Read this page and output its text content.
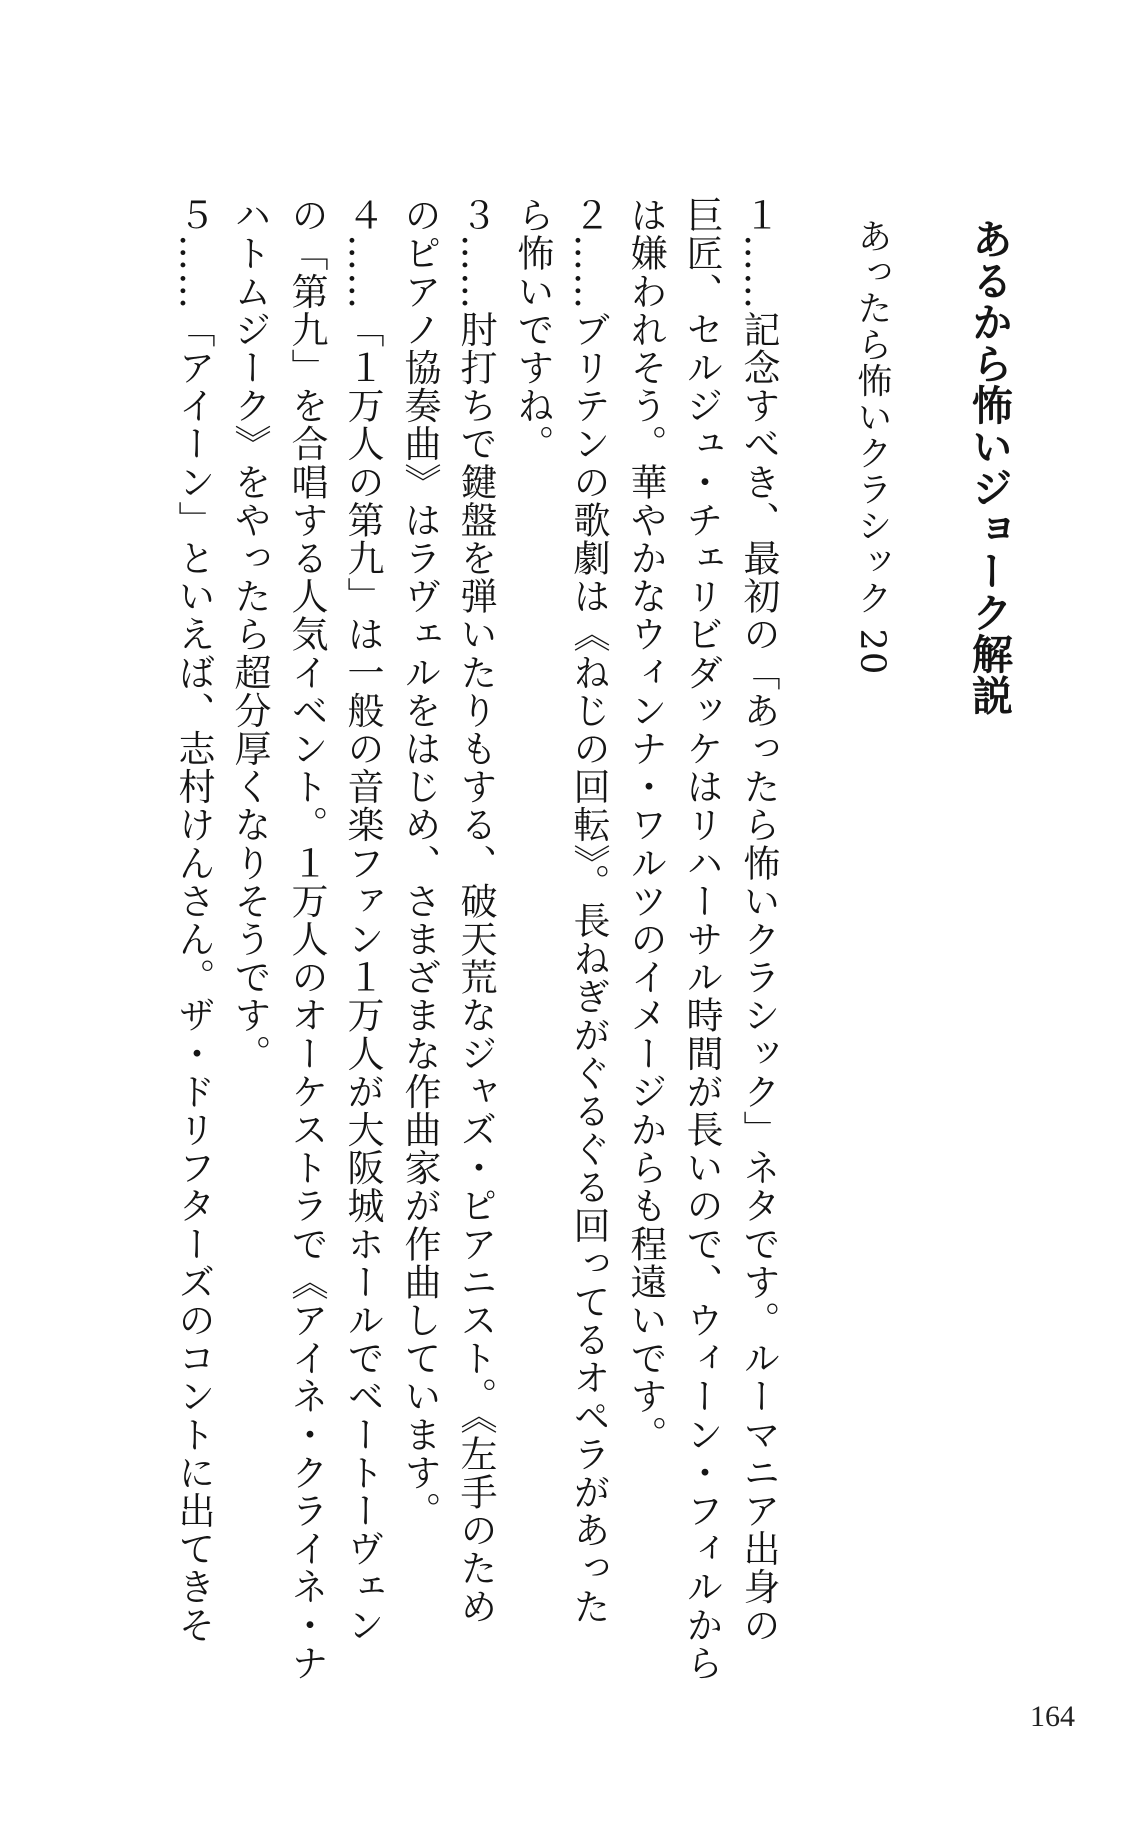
あるから怖いジョーク解説
あったら怖いクラシック 20
１……記念すべき、最初の「あったら怖いクラシック」ネタです。ルーマニア出身の
巨匠、セルジュ・チェリビダッケはリハーサル時間が長いので、ウィーン・フィルから
は嫌われそう。華やかなウィンナ・ワルツのイメージからも程遠いです。
２……ブリテンの歌劇は《ねじの回転》。長ねぎがぐるぐる回ってるオペラがあった
ら怖いですね。
３……肘打ちで鍵盤を弾いたりもする、破天荒なジャズ・ピアニスト。《左手のため
のピアノ協奏曲》はラヴェルをはじめ、さまざまな作曲家が作曲しています。
４……「１万人の第九」は一般の音楽ファン１万人が大阪城ホールでベートーヴェン
の「第九」を合唱する人気イベント。１万人のオーケストラで《アイネ・クライネ・ナ
ハトムジーク》をやったら超分厚くなりそうです。
５……「アイーン」といえば、志村けんさん。ザ・ドリフターズのコントに出てきそ
164
